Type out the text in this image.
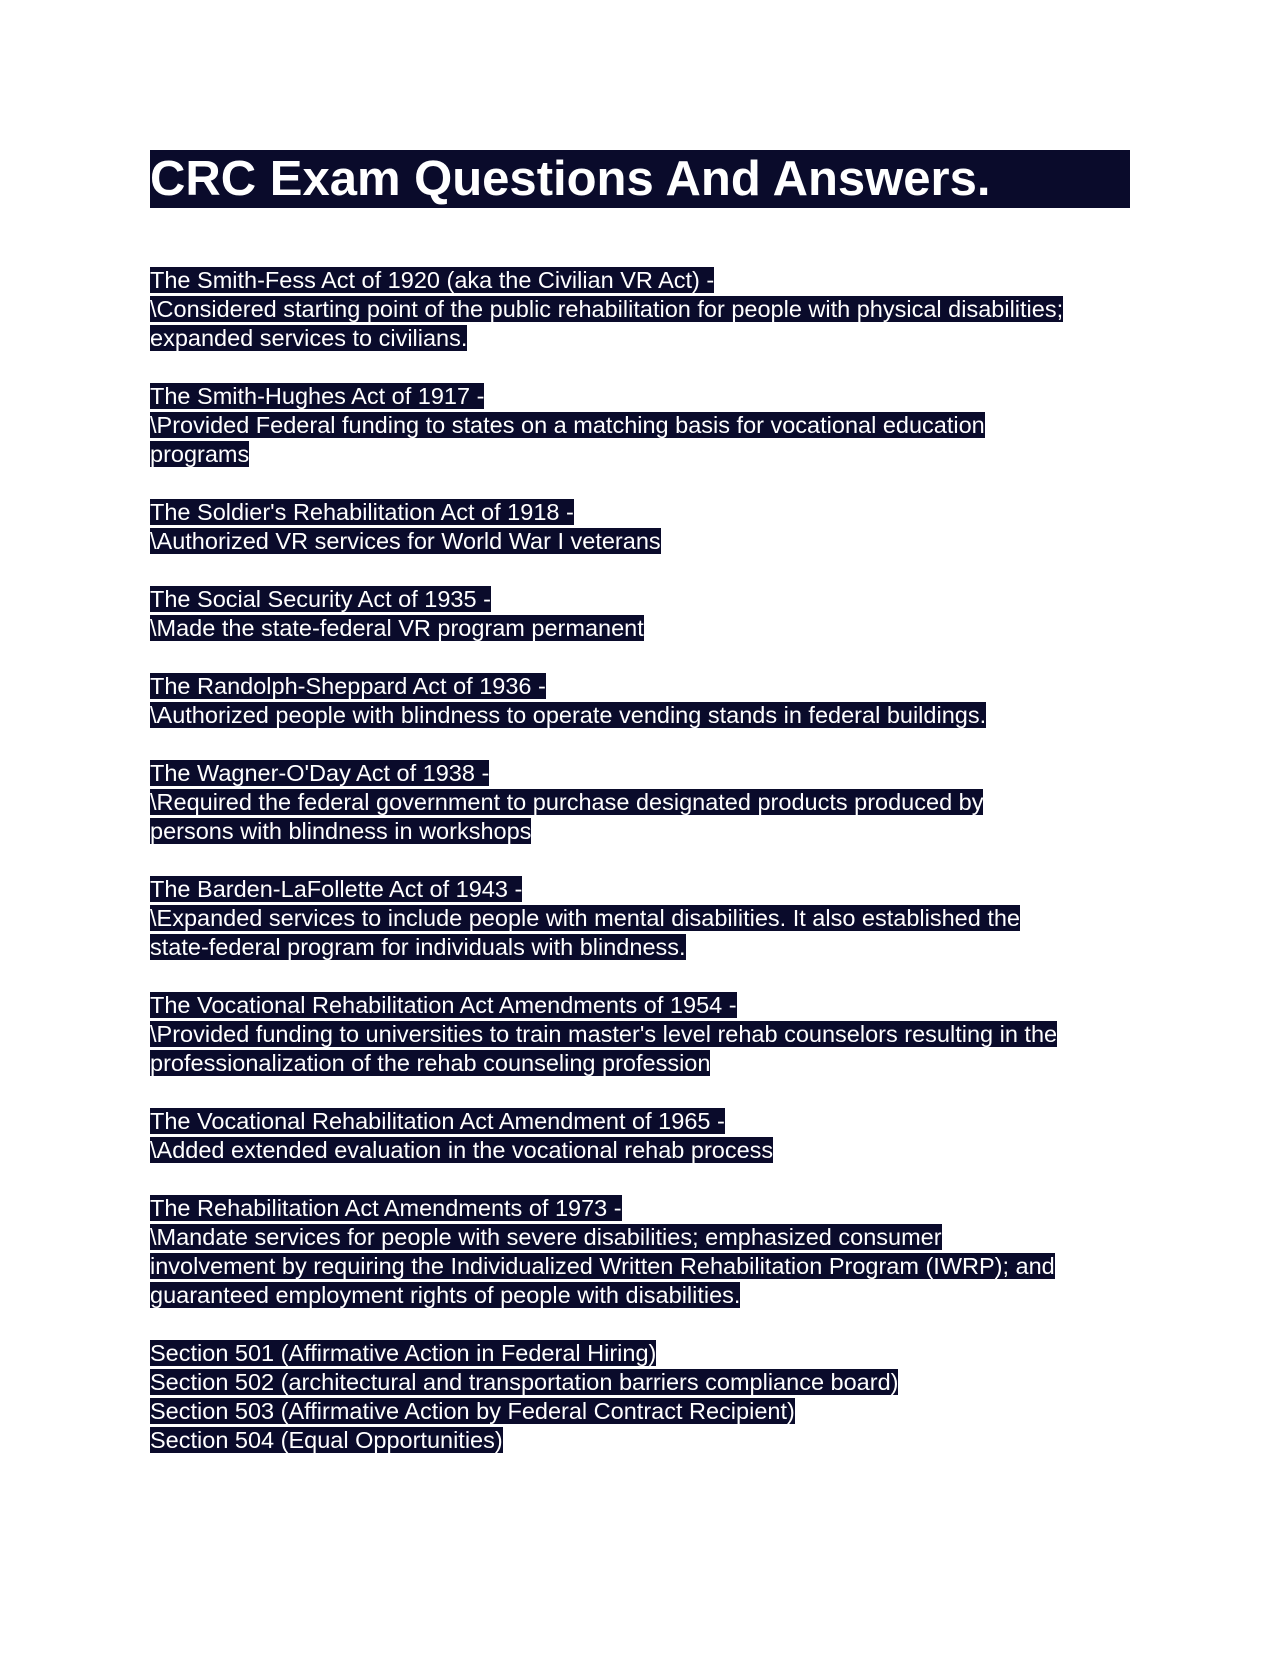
CRC Exam Questions And Answers.
The Smith-Fess Act of 1920 (aka the Civilian VR Act) -
\Considered starting point of the public rehabilitation for people with physical disabilities;
expanded services to civilians.
The Smith-Hughes Act of 1917 -
\Provided Federal funding to states on a matching basis for vocational education
programs
The Soldier's Rehabilitation Act of 1918 -
\Authorized VR services for World War I veterans
The Social Security Act of 1935 -
\Made the state-federal VR program permanent
The Randolph-Sheppard Act of 1936 -
\Authorized people with blindness to operate vending stands in federal buildings.
The Wagner-O'Day Act of 1938 -
\Required the federal government to purchase designated products produced by
persons with blindness in workshops
The Barden-LaFollette Act of 1943 -
\Expanded services to include people with mental disabilities. It also established the
state-federal program for individuals with blindness.
The Vocational Rehabilitation Act Amendments of 1954 -
\Provided funding to universities to train master's level rehab counselors resulting in the
professionalization of the rehab counseling profession
The Vocational Rehabilitation Act Amendment of 1965 -
\Added extended evaluation in the vocational rehab process
The Rehabilitation Act Amendments of 1973 -
\Mandate services for people with severe disabilities; emphasized consumer
involvement by requiring the Individualized Written Rehabilitation Program (IWRP); and
guaranteed employment rights of people with disabilities.
Section 501 (Affirmative Action in Federal Hiring)
Section 502 (architectural and transportation barriers compliance board)
Section 503 (Affirmative Action by Federal Contract Recipient)
Section 504 (Equal Opportunities)
